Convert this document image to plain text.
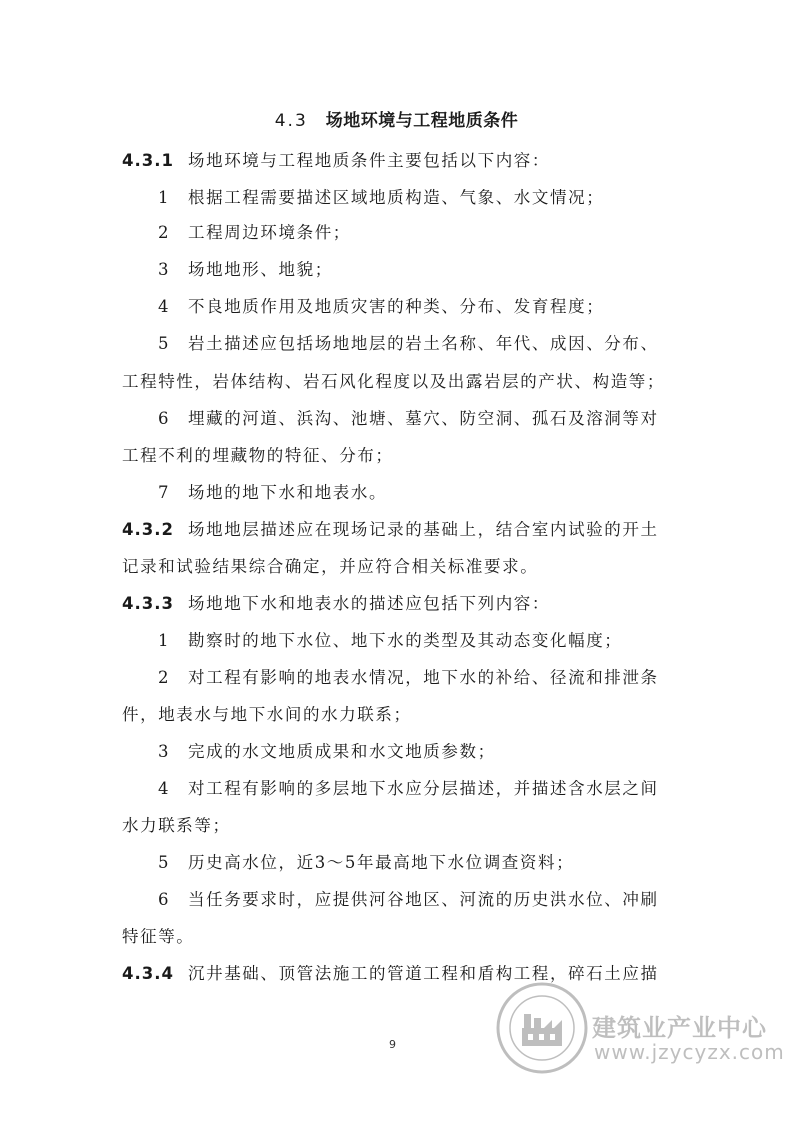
4.3 场地环境与工程地质条件
4.3.1 场地环境与工程地质条件主要包括以下内容：
1 根据工程需要描述区域地质构造、气象、水文情况；
2 工程周边环境条件；
3 场地地形、地貌；
4 不良地质作用及地质灾害的种类、分布、发育程度；
5 岩土描述应包括场地地层的岩土名称、年代、成因、分布、
工程特性，岩体结构、岩石风化程度以及出露岩层的产状、构造等；
6 埋藏的河道、浜沟、池塘、墓穴、防空洞、孤石及溶洞等对
工程不利的埋藏物的特征、分布；
7 场地的地下水和地表水。
4.3.2 场地地层描述应在现场记录的基础上，结合室内试验的开土
记录和试验结果综合确定，并应符合相关标准要求。
4.3.3 场地地下水和地表水的描述应包括下列内容：
1 勘察时的地下水位、地下水的类型及其动态变化幅度；
2 对工程有影响的地表水情况，地下水的补给、径流和排泄条
件，地表水与地下水间的水力联系；
3 完成的水文地质成果和水文地质参数；
4 对工程有影响的多层地下水应分层描述，并描述含水层之间
水力联系等；
5 历史高水位，近3～5年最高地下水位调查资料；
6 当任务要求时，应提供河谷地区、河流的历史洪水位、冲刷
特征等。
4.3.4 沉井基础、顶管法施工的管道工程和盾构工程，碎石土应描
建筑业产业中心
www.jzycyzx.com
9
